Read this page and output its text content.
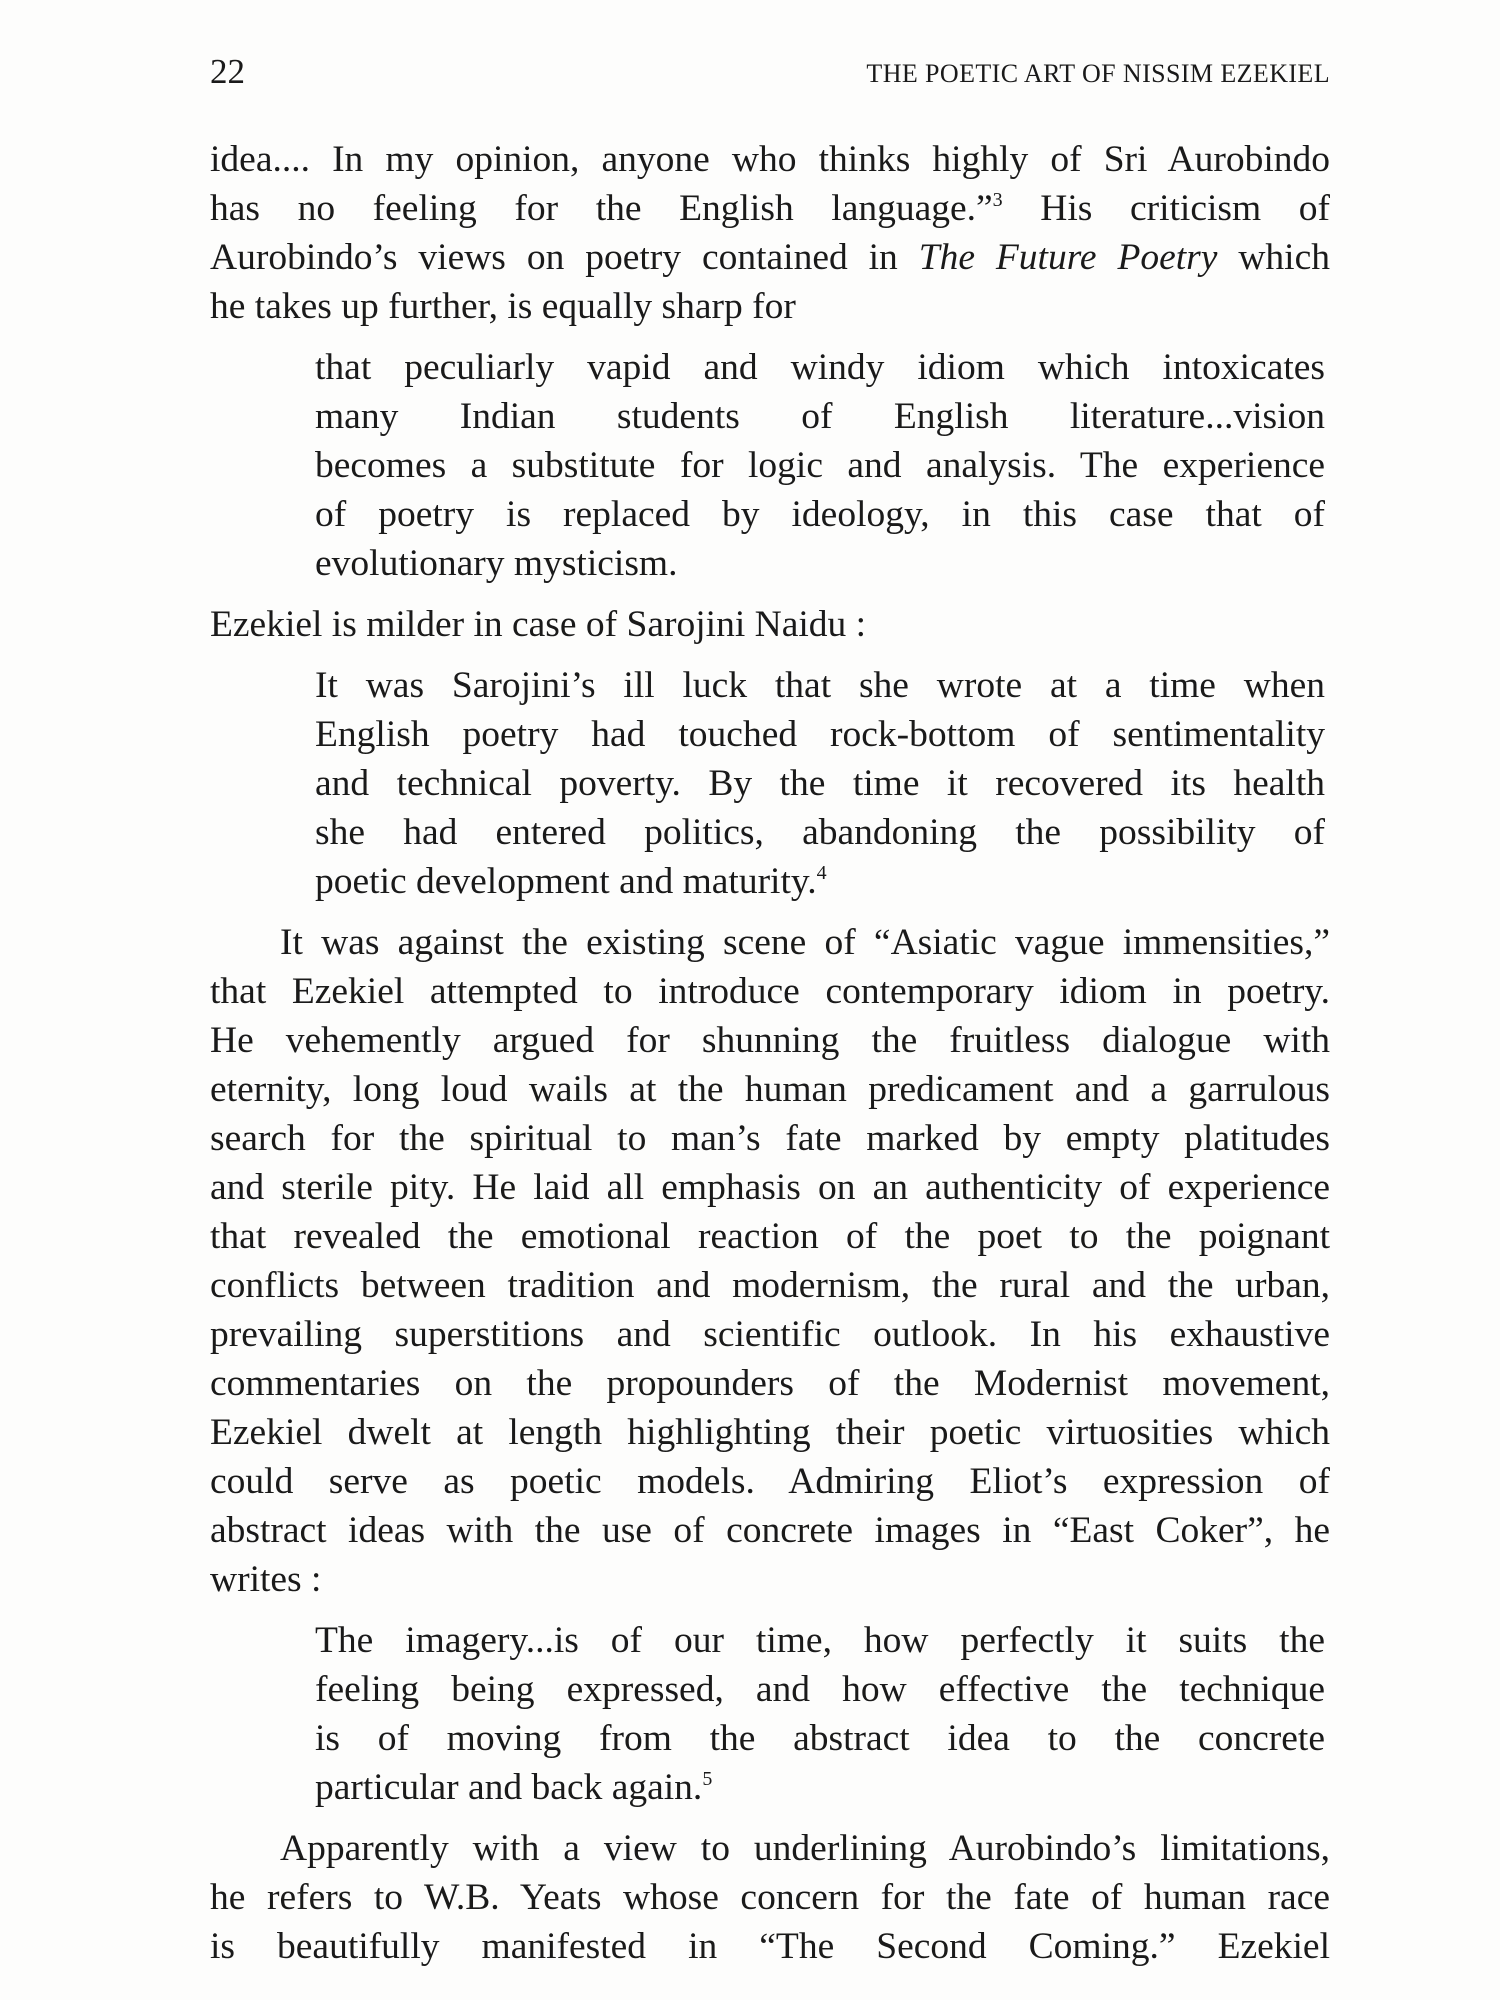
22	THE POETIC ART OF NISSIM EZEKIEL
idea.... In my opinion, anyone who thinks highly of Sri Aurobindo
has no feeling for the English language.”$^3$ His criticism of
Aurobindo’s views on poetry contained in The Future Poetry which
he takes up further, is equally sharp for
that peculiarly vapid and windy idiom which intoxicates
many Indian students of English literature...vision
becomes a substitute for logic and analysis. The experience
of poetry is replaced by ideology, in this case that of
evolutionary mysticism.
Ezekiel is milder in case of Sarojini Naidu :
It was Sarojini’s ill luck that she wrote at a time when
English poetry had touched rock-bottom of sentimentality
and technical poverty. By the time it recovered its health
she had entered politics, abandoning the possibility of
poetic development and maturity.$^4$
It was against the existing scene of “Asiatic vague immensities,”
that Ezekiel attempted to introduce contemporary idiom in poetry.
He vehemently argued for shunning the fruitless dialogue with
eternity, long loud wails at the human predicament and a garrulous
search for the spiritual to man’s fate marked by empty platitudes
and sterile pity. He laid all emphasis on an authenticity of experience
that revealed the emotional reaction of the poet to the poignant
conflicts between tradition and modernism, the rural and the urban,
prevailing superstitions and scientific outlook. In his exhaustive
commentaries on the propounders of the Modernist movement,
Ezekiel dwelt at length highlighting their poetic virtuosities which
could serve as poetic models. Admiring Eliot’s expression of
abstract ideas with the use of concrete images in “East Coker”, he
writes :
The imagery...is of our time, how perfectly it suits the
feeling being expressed, and how effective the technique
is of moving from the abstract idea to the concrete
particular and back again.$^5$
Apparently with a view to underlining Aurobindo’s limitations,
he refers to W.B. Yeats whose concern for the fate of human race
is beautifully manifested in “The Second Coming.” Ezekiel
